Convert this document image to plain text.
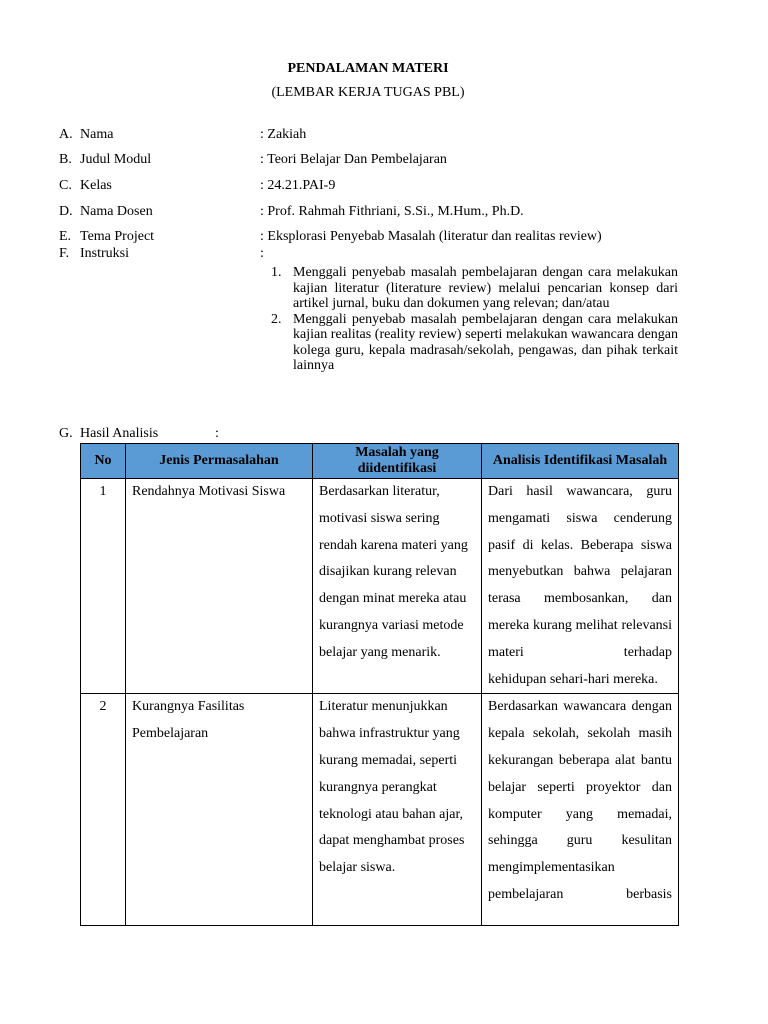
PENDALAMAN MATERI
(LEMBAR KERJA TUGAS PBL)
A. Nama	: Zakiah
B. Judul Modul	: Teori Belajar Dan Pembelajaran
C. Kelas	: 24.21.PAI-9
D. Nama Dosen	: Prof. Rahmah Fithriani, S.Si., M.Hum., Ph.D.
E. Tema Project	: Eksplorasi Penyebab Masalah (literatur dan realitas review)
F. Instruksi	:
1. Menggali penyebab masalah pembelajaran dengan cara melakukan kajian literatur (literature review) melalui pencarian konsep dari artikel jurnal, buku dan dokumen yang relevan; dan/atau
2. Menggali penyebab masalah pembelajaran dengan cara melakukan kajian realitas (reality review) seperti melakukan wawancara dengan kolega guru, kepala madrasah/sekolah, pengawas, dan pihak terkait lainnya
G. Hasil Analisis	:
No	Jenis Permasalahan	Masalah yang diidentifikasi	Analisis Identifikasi Masalah
1	Rendahnya Motivasi Siswa	Berdasarkan literatur, motivasi siswa sering rendah karena materi yang disajikan kurang relevan dengan minat mereka atau kurangnya variasi metode belajar yang menarik.	Dari hasil wawancara, guru mengamati siswa cenderung pasif di kelas. Beberapa siswa menyebutkan bahwa pelajaran terasa membosankan, dan mereka kurang melihat relevansi materi terhadap
kehidupan sehari-hari mereka.

2	Kurangnya Fasilitas Pembelajaran	Literatur menunjukkan bahwa infrastruktur yang kurang memadai, seperti kurangnya perangkat teknologi atau bahan ajar, dapat menghambat proses belajar siswa.	Berdasarkan wawancara dengan kepala sekolah, sekolah masih kekurangan beberapa alat bantu belajar seperti proyektor dan komputer yang memadai, sehingga guru kesulitan mengimplementasikan pembelajaran berbasis
